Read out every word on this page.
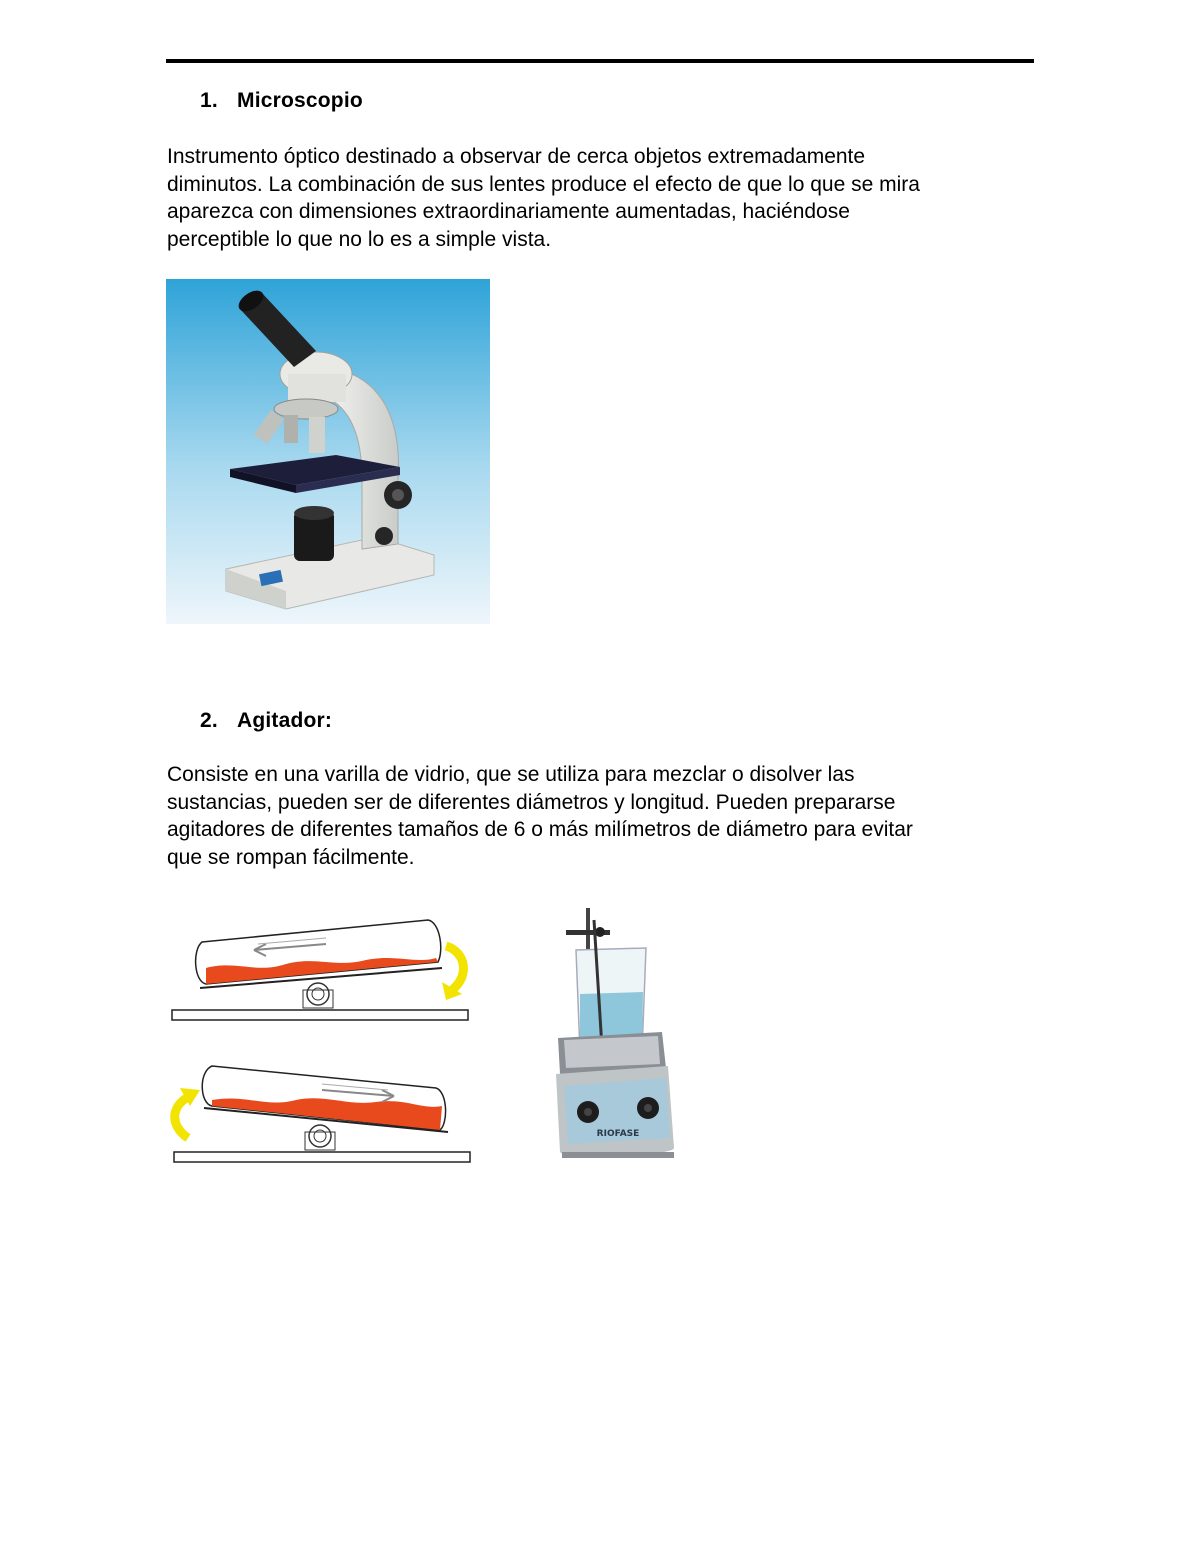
1. Microscopio
Instrumento óptico destinado a observar de cerca objetos extremadamente
diminutos. La combinación de sus lentes produce el efecto de que lo que se mira
aparezca con dimensiones extraordinariamente aumentadas, haciéndose
perceptible lo que no lo es a simple vista.
2. Agitador:
Consiste en una varilla de vidrio, que se utiliza para mezclar o disolver las
sustancias, pueden ser de diferentes diámetros y longitud. Pueden prepararse
agitadores de diferentes tamaños de 6 o más milímetros de diámetro para evitar
que se rompan fácilmente.
RIOFASE
